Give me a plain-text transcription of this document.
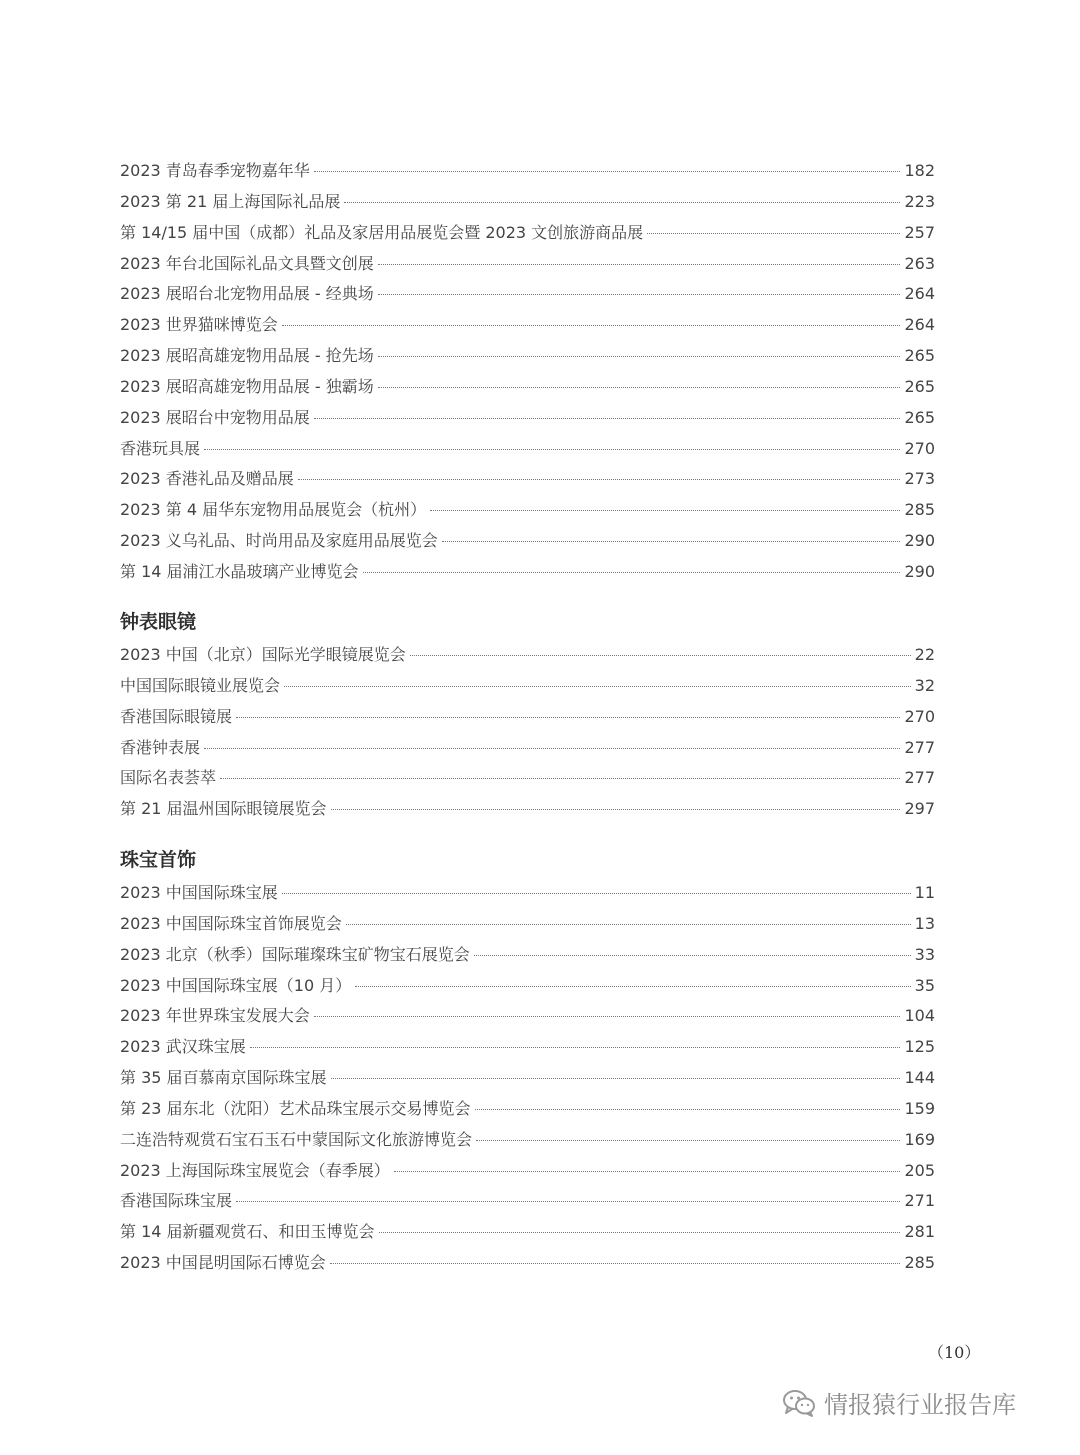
2023 青岛春季宠物嘉年华	182
2023 第 21 届上海国际礼品展	223
第 14/15 届中国（成都）礼品及家居用品展览会暨 2023 文创旅游商品展	257
2023 年台北国际礼品文具暨文创展	263
2023 展昭台北宠物用品展 - 经典场	264
2023 世界猫咪博览会	264
2023 展昭高雄宠物用品展 - 抢先场	265
2023 展昭高雄宠物用品展 - 独霸场	265
2023 展昭台中宠物用品展	265
香港玩具展	270
2023 香港礼品及赠品展	273
2023 第 4 届华东宠物用品展览会（杭州）	285
2023 义乌礼品、时尚用品及家庭用品展览会	290
第 14 届浦江水晶玻璃产业博览会	290
钟表眼镜
2023 中国（北京）国际光学眼镜展览会	22
中国国际眼镜业展览会	32
香港国际眼镜展	270
香港钟表展	277
国际名表荟萃	277
第 21 届温州国际眼镜展览会	297
珠宝首饰
2023 中国国际珠宝展	11
2023 中国国际珠宝首饰展览会	13
2023 北京（秋季）国际璀璨珠宝矿物宝石展览会	33
2023 中国国际珠宝展（10 月）	35
2023 年世界珠宝发展大会	104
2023 武汉珠宝展	125
第 35 届百慕南京国际珠宝展	144
第 23 届东北（沈阳）艺术品珠宝展示交易博览会	159
二连浩特观赏石宝石玉石中蒙国际文化旅游博览会	169
2023 上海国际珠宝展览会（春季展）	205
香港国际珠宝展	271
第 14 届新疆观赏石、和田玉博览会	281
2023 中国昆明国际石博览会	285
（10）
情报猿行业报告库
